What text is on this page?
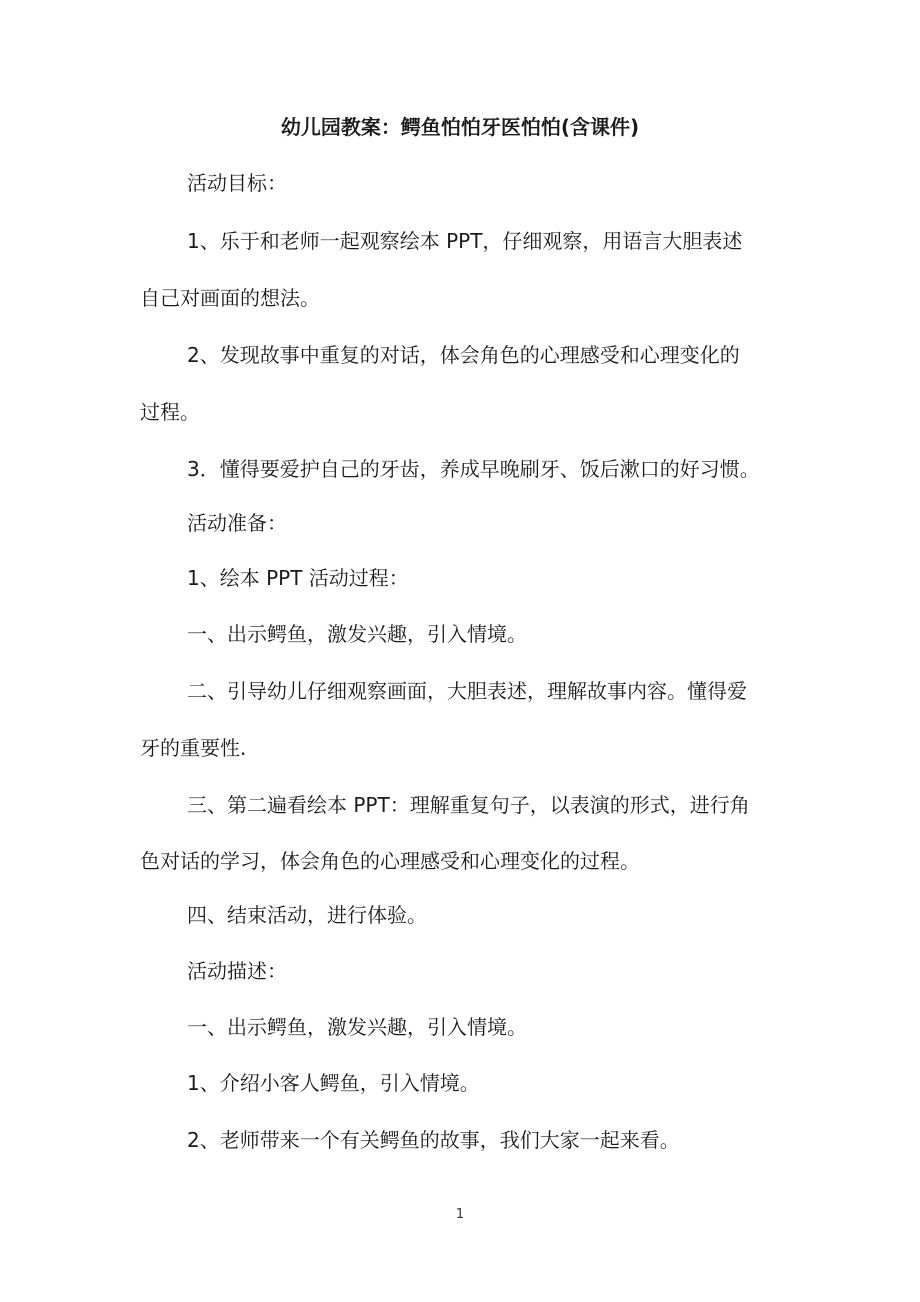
幼儿园教案：鳄鱼怕怕牙医怕怕(含课件)
活动目标：
1、乐于和老师一起观察绘本 PPT，仔细观察，用语言大胆表述
自己对画面的想法。
2、发现故事中重复的对话，体会角色的心理感受和心理变化的
过程。
3．懂得要爱护自己的牙齿，养成早晚刷牙、饭后漱口的好习惯。
活动准备：
1、绘本 PPT 活动过程：
一、出示鳄鱼，激发兴趣，引入情境。
二、引导幼儿仔细观察画面，大胆表述，理解故事内容。懂得爱
牙的重要性.
三、第二遍看绘本 PPT：理解重复句子，以表演的形式，进行角
色对话的学习，体会角色的心理感受和心理变化的过程。
四、结束活动，进行体验。
活动描述：
一、出示鳄鱼，激发兴趣，引入情境。
1、介绍小客人鳄鱼，引入情境。
2、老师带来一个有关鳄鱼的故事，我们大家一起来看。
1
